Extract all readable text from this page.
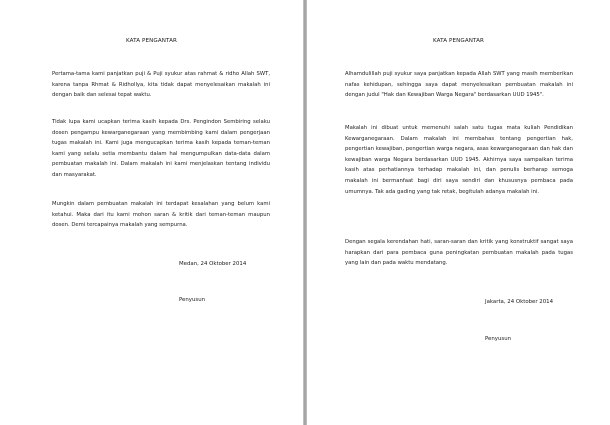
KATA PENGANTAR
Pertama-tama kami panjatkan puji & Puji syukur atas rahmat & ridho Allah SWT, karena tanpa Rhmat & Ridhollya, kita tidak dapat menyelesaikan makalah ini dengan baik dan selesai tepat waktu.
Tidak lupa kami ucapkan terima kasih kepada Drs. Pengindon Sembiring selaku dosen pengampu kewarganegaraan yang membimbing kami dalam pengerjaan tugas makalah ini. Kami juga mengucapkan terima kasih kepada teman-teman kami yang selalu setia membantu dalam hal mengumpulkan data-data dalam pembuatan makalah ini. Dalam makalah ini kami menjelaskan tentang individu dan masyarakat.
Mungkin dalam pembuatan makalah ini terdapat kesalahan yang belum kami ketahui. Maka dari itu kami mohon saran & kritik dari teman-teman maupun dosen. Demi tercapainya makalah yang sempurna.
Medan, 24 Oktober 2014
Penyusun
KATA PENGANTAR
Alhamdulillah puji syukur saya panjatkan kepada Allah SWT yang masih memberikan nafas kehidupan, sehingga saya dapat menyelesaikan pembuatan makalah ini dengan judul "Hak dan Kewajiban Warga Negara" berdasarkan UUD 1945".
Makalah ini dibuat untuk memenuhi salah satu tugas mata kuliah Pendidikan Kewarganegaraan. Dalam makalah ini membahas tentang pengertian hak, pengertian kewajiban, pengertian warga negara, asas kewarganegaraan dan hak dan kewajiban warga Negara berdasarkan UUD 1945. Akhirnya saya sampaikan terima kasih atas perhatiannya terhadap makalah ini, dan penulis berharap semoga makalah ini bermanfaat bagi diri saya sendiri dan khususnya pembaca pada umumnya. Tak ada gading yang tak retak, begitulah adanya makalah ini.
Dengan segala kerendahan hati, saran-saran dan kritik yang konstruktif sangat saya harapkan dari para pembaca guna peningkatan pembuatan makalah pada tugas yang lain dan pada waktu mendatang.
Jakarta, 24 Oktober 2014
Penyusun
